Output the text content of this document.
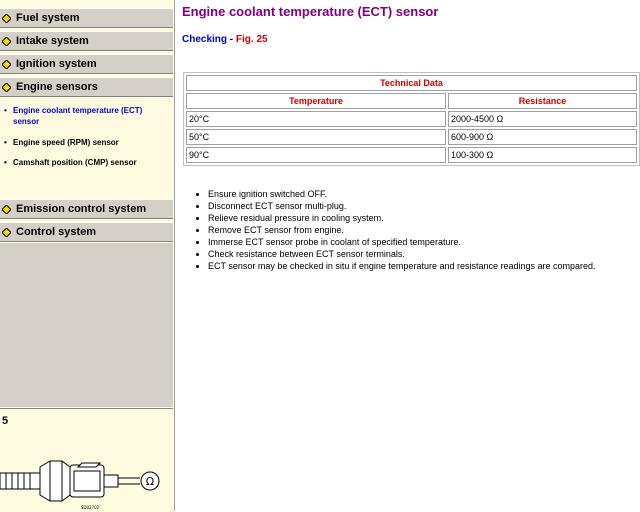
Fuel system
Intake system
Ignition system
Engine sensors
• Engine coolant temperature (ECT) sensor
• Engine speed (RPM) sensor
• Camshaft position (CMP) sensor
Emission control system
Control system
5
Ω
SD02702
Engine coolant temperature (ECT) sensor
Checking - Fig. 25
Technical Data	
Temperature	Resistance
20°C	2000-4500 Ω
50°C	600-900 Ω
90°C	100-300 Ω
• Ensure ignition switched OFF.
• Disconnect ECT sensor multi-plug.
• Relieve residual pressure in cooling system.
• Remove ECT sensor from engine.
• Immerse ECT sensor probe in coolant of specified temperature.
• Check resistance between ECT sensor terminals.
• ECT sensor may be checked in situ if engine temperature and resistance readings are compared.
